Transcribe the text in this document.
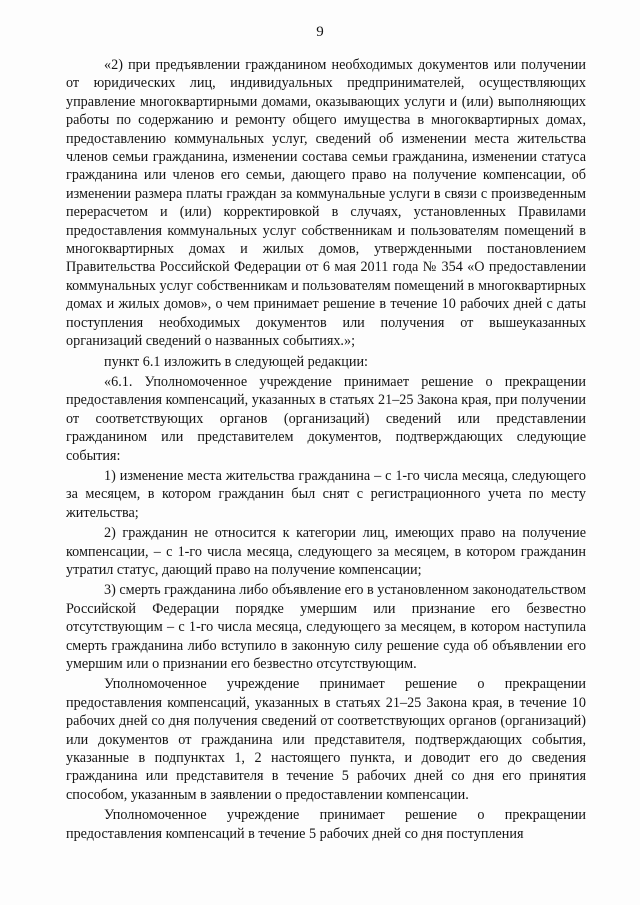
9

«2) при предъявлении гражданином необходимых документов или получении от юридических лиц, индивидуальных предпринимателей, осуществляющих управление многоквартирными домами, оказывающих услуги и (или) выполняющих работы по содержанию и ремонту общего имущества в многоквартирных домах, предоставлению коммунальных услуг, сведений об изменении места жительства членов семьи гражданина, изменении состава семьи гражданина, изменении статуса гражданина или членов его семьи, дающего право на получение компенсации, об изменении размера платы граждан за коммунальные услуги в связи с произведенным перерасчетом и (или) корректировкой в случаях, установленных Правилами предоставления коммунальных услуг собственникам и пользователям помещений в многоквартирных домах и жилых домов, утвержденными постановлением Правительства Российской Федерации от 6 мая 2011 года № 354 «О предоставлении коммунальных услуг собственникам и пользователям помещений в многоквартирных домах и жилых домов», о чем принимает решение в течение 10 рабочих дней с даты поступления необходимых документов или получения от вышеуказанных организаций сведений о названных событиях.»;

пункт 6.1 изложить в следующей редакции:

«6.1. Уполномоченное учреждение принимает решение о прекращении предоставления компенсаций, указанных в статьях 21–25 Закона края, при получении от соответствующих органов (организаций) сведений или представлении гражданином или представителем документов, подтверждающих следующие события:

1) изменение места жительства гражданина – с 1-го числа месяца, следующего за месяцем, в котором гражданин был снят с регистрационного учета по месту жительства;

2) гражданин не относится к категории лиц, имеющих право на получение компенсации, – с 1-го числа месяца, следующего за месяцем, в котором гражданин утратил статус, дающий право на получение компенсации;

3) смерть гражданина либо объявление его в установленном законодательством Российской Федерации порядке умершим или признание его безвестно отсутствующим – с 1-го числа месяца, следующего за месяцем, в котором наступила смерть гражданина либо вступило в законную силу решение суда об объявлении его умершим или о признании его безвестно отсутствующим.

Уполномоченное учреждение принимает решение о прекращении предоставления компенсаций, указанных в статьях 21–25 Закона края, в течение 10 рабочих дней со дня получения сведений от соответствующих органов (организаций) или документов от гражданина или представителя, подтверждающих события, указанные в подпунктах 1, 2 настоящего пункта, и доводит его до сведения гражданина или представителя в течение 5 рабочих дней со дня его принятия способом, указанным в заявлении о предоставлении компенсации.

Уполномоченное учреждение принимает решение о прекращении предоставления компенсаций в течение 5 рабочих дней со дня поступления
